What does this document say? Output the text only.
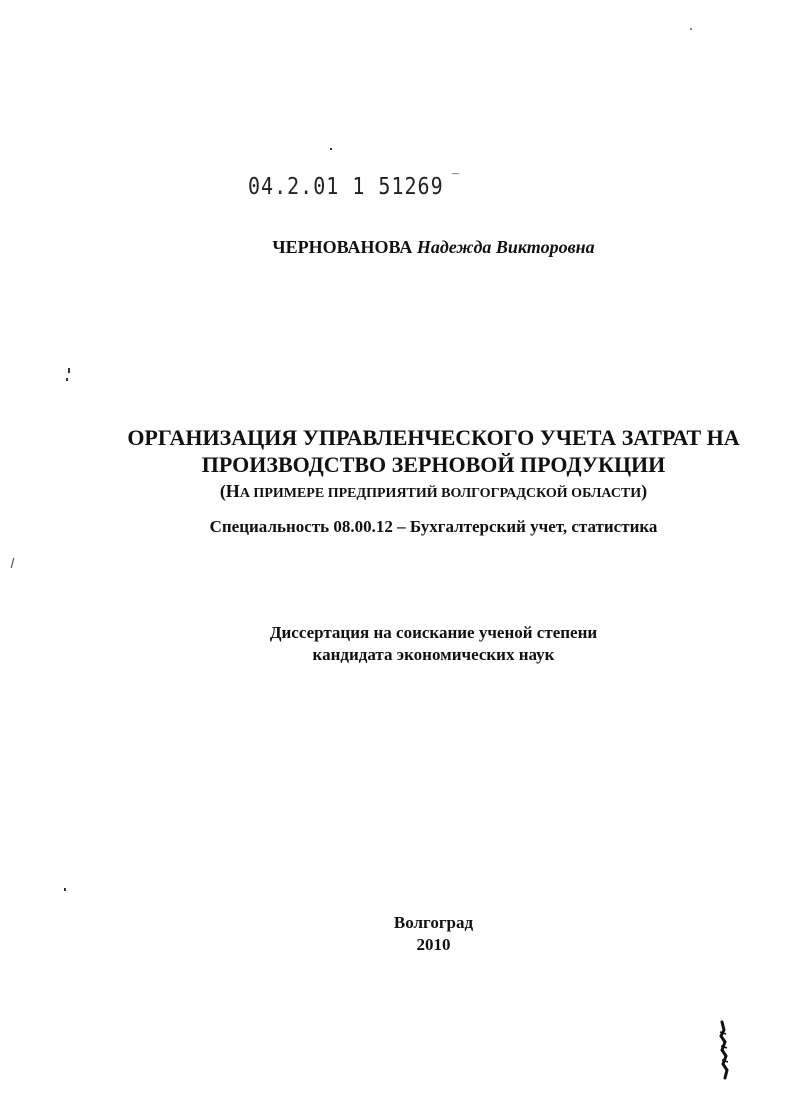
04.2.01 1 51269 ‾
ЧЕРНОВАНОВА Надежда Викторовна
ОРГАНИЗАЦИЯ УПРАВЛЕНЧЕСКОГО УЧЕТА ЗАТРАТ НА
ПРОИЗВОДСТВО ЗЕРНОВОЙ ПРОДУКЦИИ
(НА ПРИМЕРЕ ПРЕДПРИЯТИЙ ВОЛГОГРАДСКОЙ ОБЛАСТИ)
Специальность 08.00.12 – Бухгалтерский учет, статистика
Диссертация на соискание ученой степени
кандидата экономических наук
Волгоград
2010
